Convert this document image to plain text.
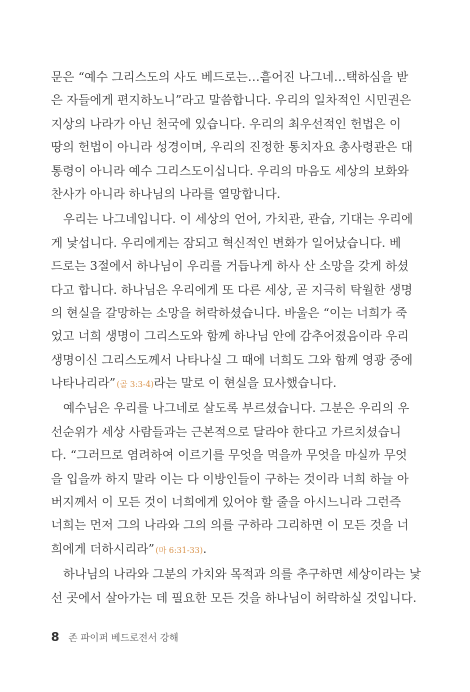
문은 “예수 그리스도의 사도 베드로는…흩어진 나그네…택하심을 받
은 자들에게 편지하노니”라고 말씀합니다. 우리의 일차적인 시민권은
지상의 나라가 아닌 천국에 있습니다. 우리의 최우선적인 헌법은 이
땅의 헌법이 아니라 성경이며, 우리의 진정한 통치자요 총사령관은 대
통령이 아니라 예수 그리스도이십니다. 우리의 마음도 세상의 보화와
찬사가 아니라 하나님의 나라를 열망합니다.
　우리는 나그네입니다. 이 세상의 언어, 가치관, 관습, 기대는 우리에
게 낯섭니다. 우리에게는 잠되고 혁신적인 변화가 일어났습니다. 베
드로는 3절에서 하나님이 우리를 거듭나게 하사 산 소망을 갖게 하셨
다고 합니다. 하나님은 우리에게 또 다른 세상, 곧 지극히 탁월한 생명
의 현실을 갈망하는 소망을 허락하셨습니다. 바울은 “이는 너희가 죽
었고 너희 생명이 그리스도와 함께 하나님 안에 감추어졌음이라 우리
생명이신 그리스도께서 나타나실 그 때에 너희도 그와 함께 영광 중에
나타나리라”(골 3:3-4)라는 말로 이 현실을 묘사했습니다.
　예수님은 우리를 나그네로 살도록 부르셨습니다. 그분은 우리의 우
선순위가 세상 사람들과는 근본적으로 달라야 한다고 가르치셨습니
다. “그러므로 염려하여 이르기를 무엇을 먹을까 무엇을 마실까 무엇
을 입을까 하지 말라 이는 다 이방인들이 구하는 것이라 너희 하늘 아
버지께서 이 모든 것이 너희에게 있어야 할 줄을 아시느니라 그런즉
너희는 먼저 그의 나라와 그의 의를 구하라 그리하면 이 모든 것을 너
희에게 더하시리라”(마 6:31-33).
　하나님의 나라와 그분의 가치와 목적과 의를 추구하면 세상이라는 낯
선 곳에서 살아가는 데 필요한 모든 것을 하나님이 허락하실 것입니다.
8 존 파이퍼 베드로전서 강해
